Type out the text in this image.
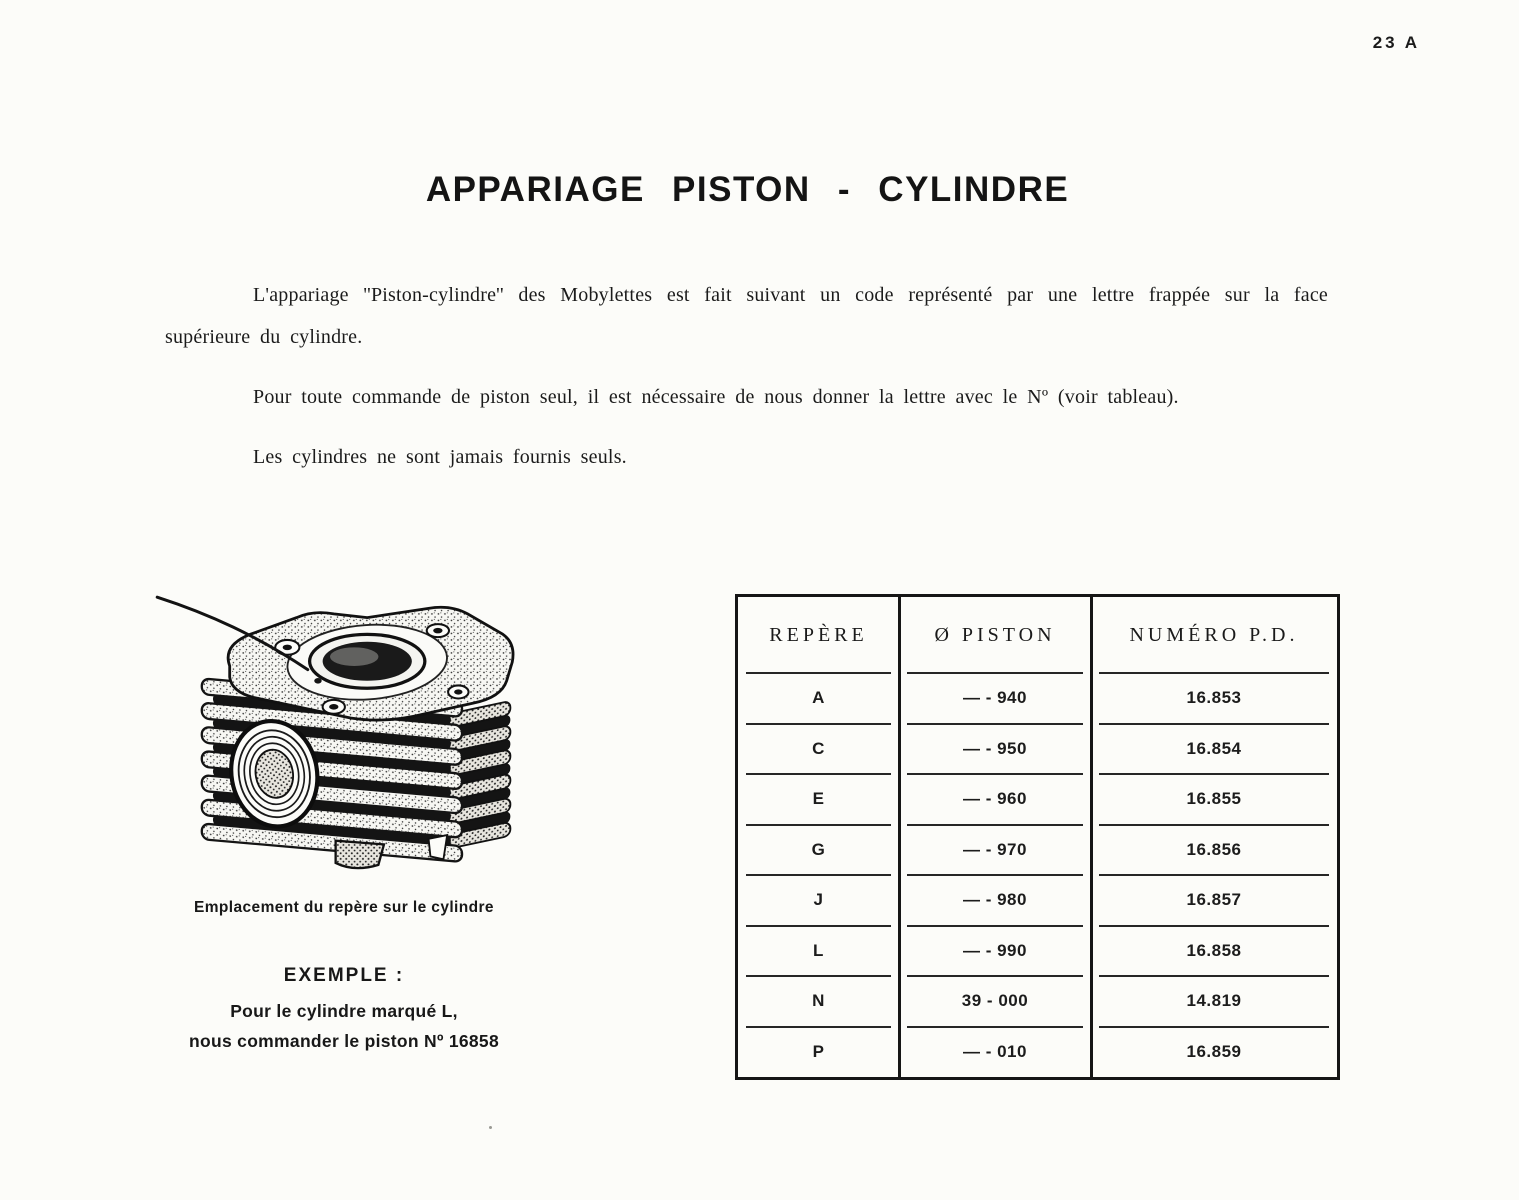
23 A
APPARIAGE PISTON - CYLINDRE

L'appariage ''Piston-cylindre'' des Mobylettes est fait suivant un code représenté par une lettre frappée sur la face supérieure du cylindre.

Pour toute commande de piston seul, il est nécessaire de nous donner la lettre avec le Nº (voir tableau).

Les cylindres ne sont jamais fournis seuls.

Emplacement du repère sur le cylindre
EXEMPLE :
Pour le cylindre marqué L,
nous commander le piston Nº 16858
REPÈRE	Ø PISTON	NUMÉRO P.D.
A	— - 940	16.853
C	— - 950	16.854
E	— - 960	16.855
G	— - 970	16.856
J	— - 980	16.857
L	— - 990	16.858
N	39 - 000	14.819
P	— - 010	16.859
